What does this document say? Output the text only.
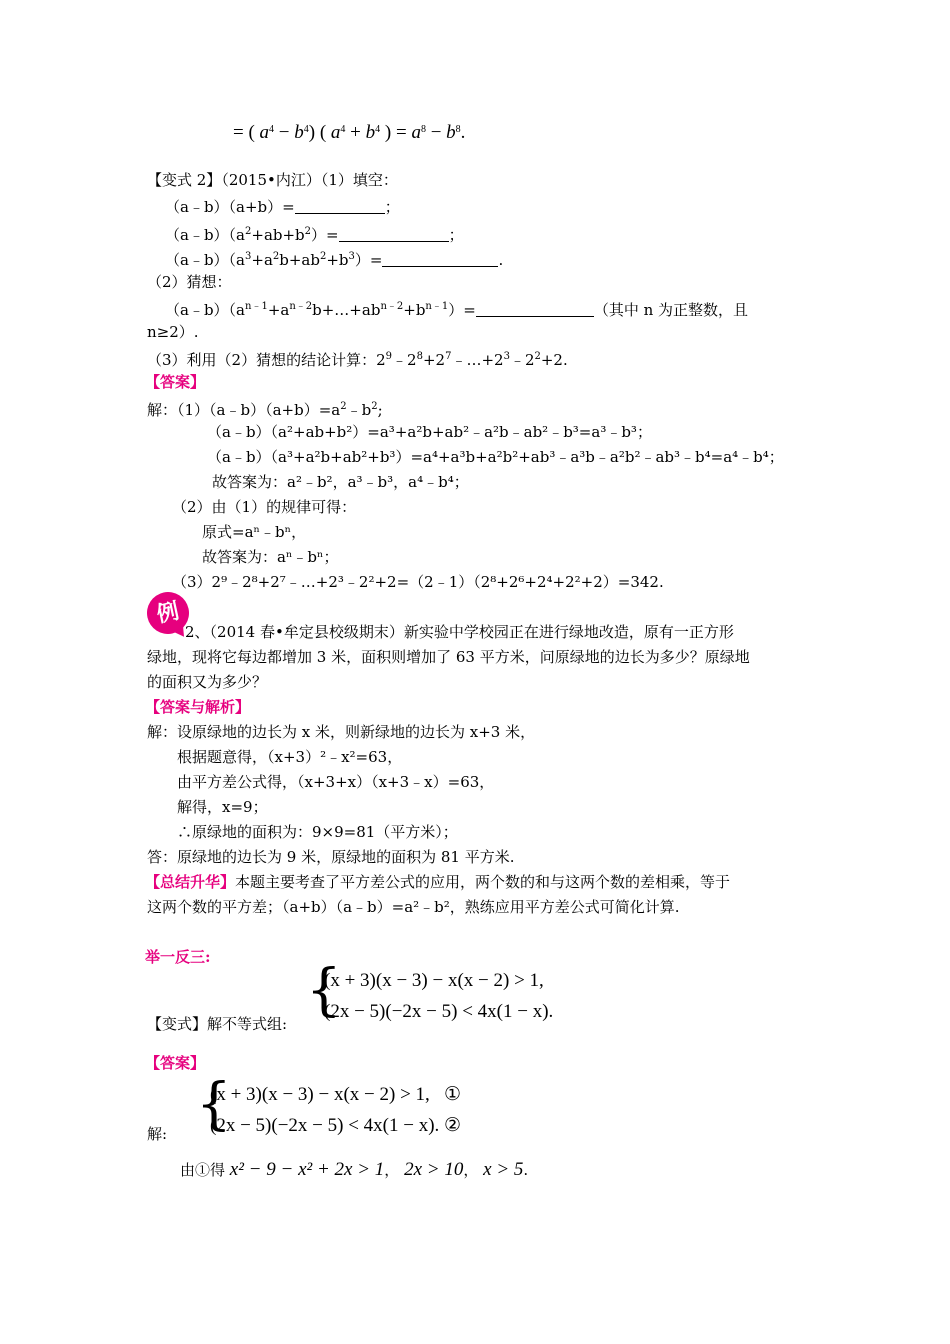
= ( $a^4 - b^4$) ( $a^4 + b^4$ ) = $a^8 - b^8$.
【变式 2】（2015•内江）（1）填空：
（a﹣b）（a+b）=	；
$(a﹣b)(a^2+ab+b^2)=$	；
$(a﹣b)(a^3+a^2b+ab^2+b^3)=$	.
（2）猜想：
$(a﹣b)(a^{n﹣1}+a^{n﹣2}b+\dots+ab^{n﹣2}+b^{n﹣1})=$	（其中 n 为正整数，且
n≥2）.
（3）利用（2）猜想的结论计算：$2^9﹣2^8+2^7﹣\dots+2^3﹣2^2+2$.
【答案】
解：$(1)(a﹣b)(a+b)=a^2﹣b^2$;
（a﹣b）（a²+ab+b²）=a³+a²b+ab²﹣a²b﹣ab²﹣b³=a³﹣b³；
（a﹣b）（a³+a²b+ab²+b³）=a⁴+a³b+a²b²+ab³﹣a³b﹣a²b²﹣ab³﹣b⁴=a⁴﹣b⁴；
故答案为：a²﹣b²，a³﹣b³，a⁴﹣b⁴；
（2）由（1）的规律可得：
原式=aⁿ﹣bⁿ，
故答案为：aⁿ﹣bⁿ；
（3）2⁹﹣2⁸+2⁷﹣…+2³﹣2²+2=（2﹣1）（2⁸+2⁶+2⁴+2²+2）=342.
例
2、（2014 春•牟定县校级期末）新实验中学校园正在进行绿地改造，原有一正方形
绿地，现将它每边都增加 3 米，面积则增加了 63 平方米，问原绿地的边长为多少？原绿地
的面积又为多少？
【答案与解析】
解：设原绿地的边长为 x 米，则新绿地的边长为 x+3 米，
根据题意得，（x+3）²﹣x²=63，
由平方差公式得，（x+3+x）（x+3﹣x）=63，
解得，x=9；
∴原绿地的面积为：9×9=81（平方米）；
答：原绿地的边长为 9 米，原绿地的面积为 81 平方米.
【总结升华】本题主要考查了平方差公式的应用，两个数的和与这两个数的差相乘，等于
这两个数的平方差；（a+b）（a﹣b）=a²﹣b²，熟练应用平方差公式可简化计算.
举一反三:
{
(x + 3)(x − 3) − x(x − 2) > 1,
(2x − 5)(−2x − 5) < 4x(1 − x).
【变式】解不等式组:
【答案】
{
(x + 3)(x − 3) − x(x − 2) > 1, ①
(2x − 5)(−2x − 5) < 4x(1 − x). ②
解:
由①得 x² − 9 − x² + 2x > 1， 2x > 10， x > 5.
